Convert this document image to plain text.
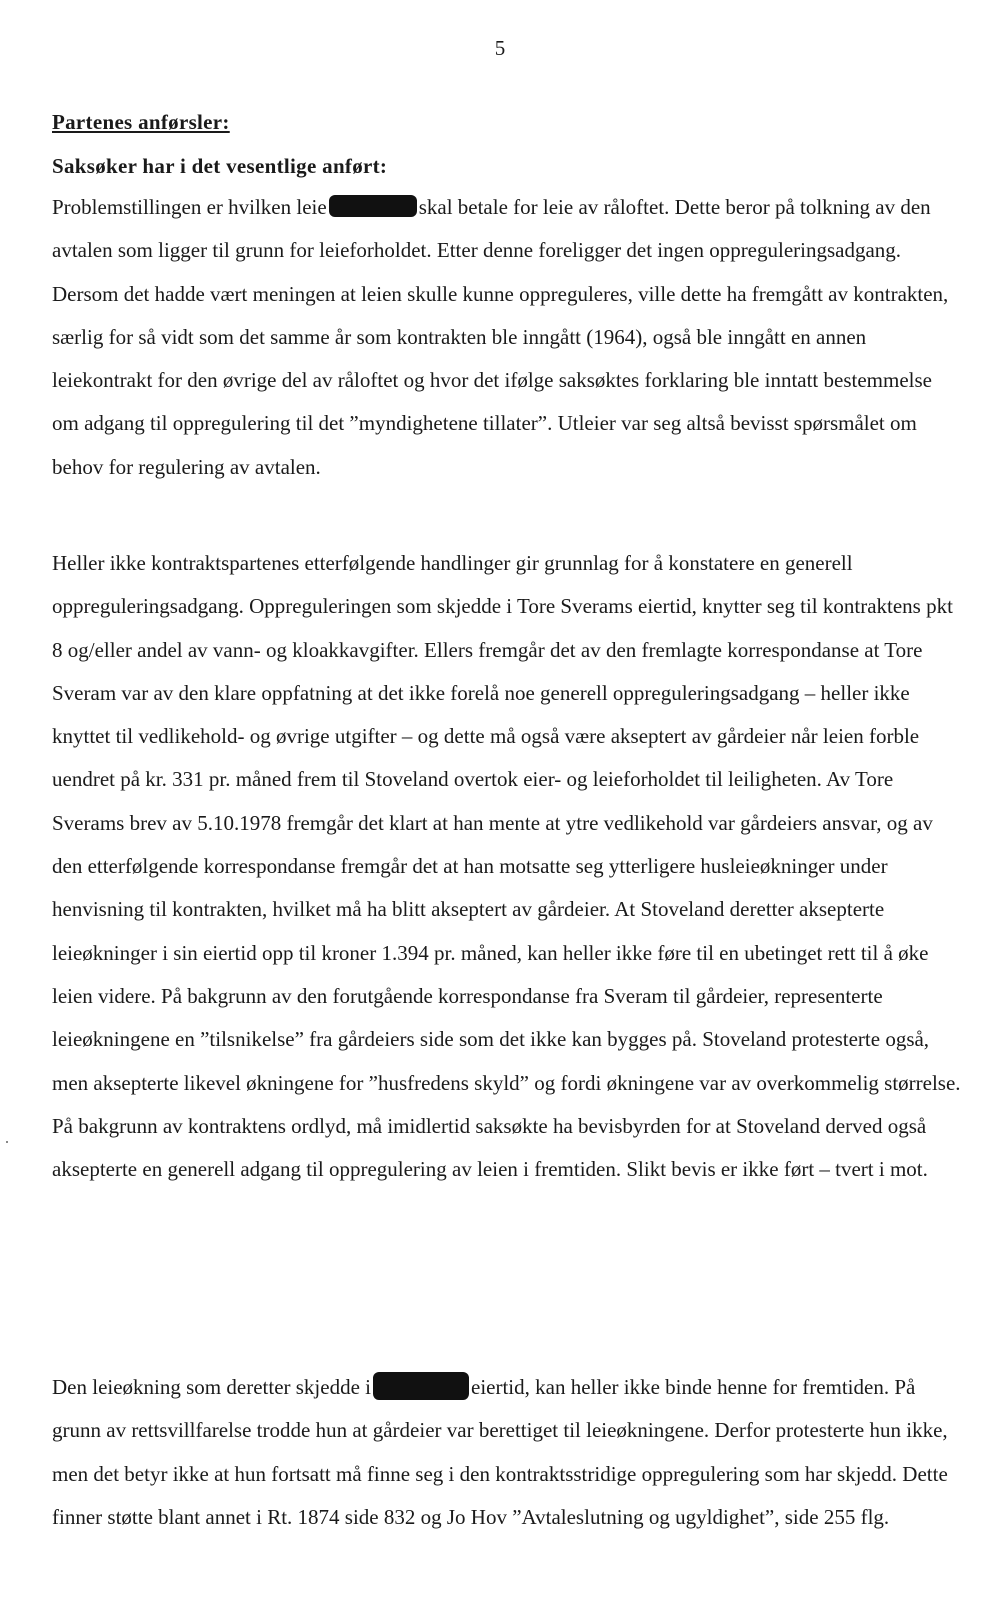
5
Partenes anførsler:
Saksøker har i det vesentlige anført:

Problemstillingen er hvilken leie	skal betale for leie av råloftet. Dette beror på tolkning av den avtalen som ligger til grunn for leieforholdet. Etter denne foreligger det ingen oppreguleringsadgang. Dersom det hadde vært meningen at leien skulle kunne oppreguleres, ville dette ha fremgått av kontrakten, særlig for så vidt som det samme år som kontrakten ble inngått (1964), også ble inngått en annen leiekontrakt for den øvrige del av råloftet og hvor det ifølge saksøktes forklaring ble inntatt bestemmelse om adgang til oppregulering til det ”myndighetene tillater”. Utleier var seg altså bevisst spørsmålet om behov for regulering av avtalen.

Heller ikke kontraktspartenes etterfølgende handlinger gir grunnlag for å konstatere en generell oppreguleringsadgang. Oppreguleringen som skjedde i Tore Sverams eiertid, knytter seg til kontraktens pkt 8 og/eller andel av vann- og kloakkavgifter. Ellers fremgår det av den fremlagte korrespondanse at Tore Sveram var av den klare oppfatning at det ikke forelå noe generell oppreguleringsadgang – heller ikke knyttet til vedlikehold- og øvrige utgifter – og dette må også være akseptert av gårdeier når leien forble uendret på kr. 331 pr. måned frem til Stoveland overtok eier- og leieforholdet til leiligheten. Av Tore Sverams brev av 5.10.1978 fremgår det klart at han mente at ytre vedlikehold var gårdeiers ansvar, og av den etterfølgende korrespondanse fremgår det at han motsatte seg ytterligere husleieøkninger under henvisning til kontrakten, hvilket må ha blitt akseptert av gårdeier. At Stoveland deretter aksepterte leieøkninger i sin eiertid opp til kroner 1.394 pr. måned, kan heller ikke føre til en ubetinget rett til å øke leien videre. På bakgrunn av den forutgående korrespondanse fra Sveram til gårdeier, representerte leieøkningene en ”tilsnikelse” fra gårdeiers side som det ikke kan bygges på. Stoveland protesterte også, men aksepterte likevel økningene for ”husfredens skyld” og fordi økningene var av overkommelig størrelse. På bakgrunn av kontraktens ordlyd, må imidlertid saksøkte ha bevisbyrden for at Stoveland derved også aksepterte en generell adgang til oppregulering av leien i fremtiden. Slikt bevis er ikke ført – tvert i mot.

Den leieøkning som deretter skjedde i	eiertid, kan heller ikke binde henne for fremtiden. På grunn av rettsvillfarelse trodde hun at gårdeier var berettiget til leieøkningene. Derfor protesterte hun ikke, men det betyr ikke at hun fortsatt må finne seg i den kontraktsstridige oppregulering som har skjedd. Dette finner støtte blant annet i Rt. 1874 side 832 og Jo Hov ”Avtaleslutning og ugyldighet”, side 255 flg.
